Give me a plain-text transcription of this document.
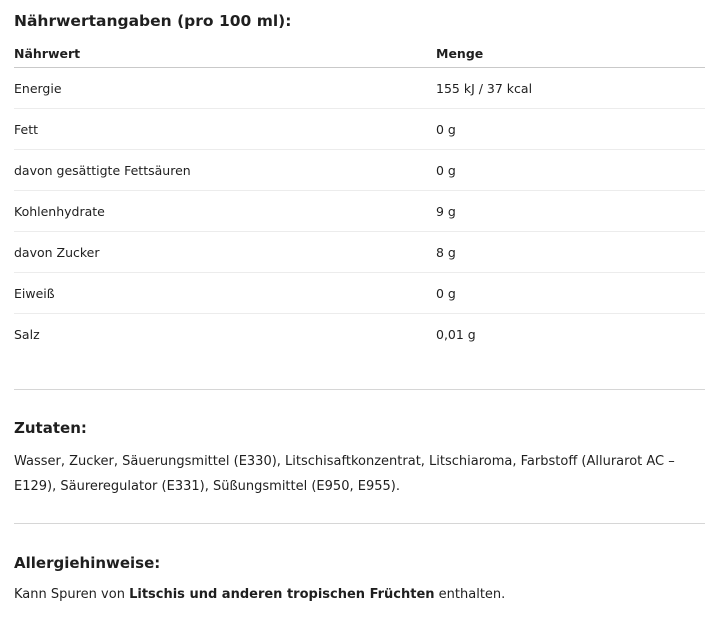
Nährwertangaben (pro 100 ml):
Nährwert	Menge
Energie	155 kJ / 37 kcal
Fett	0 g
davon gesättigte Fettsäuren	0 g
Kohlenhydrate	9 g
davon Zucker	8 g
Eiweiß	0 g
Salz	0,01 g
Zutaten:

Wasser, Zucker, Säuerungsmittel (E330), Litschisaftkonzentrat, Litschiaroma, Farbstoff (Allurarot AC – E129), Säureregulator (E331), Süßungsmittel (E950, E955).

Allergiehinweise:

Kann Spuren von Litschis und anderen tropischen Früchten enthalten.
